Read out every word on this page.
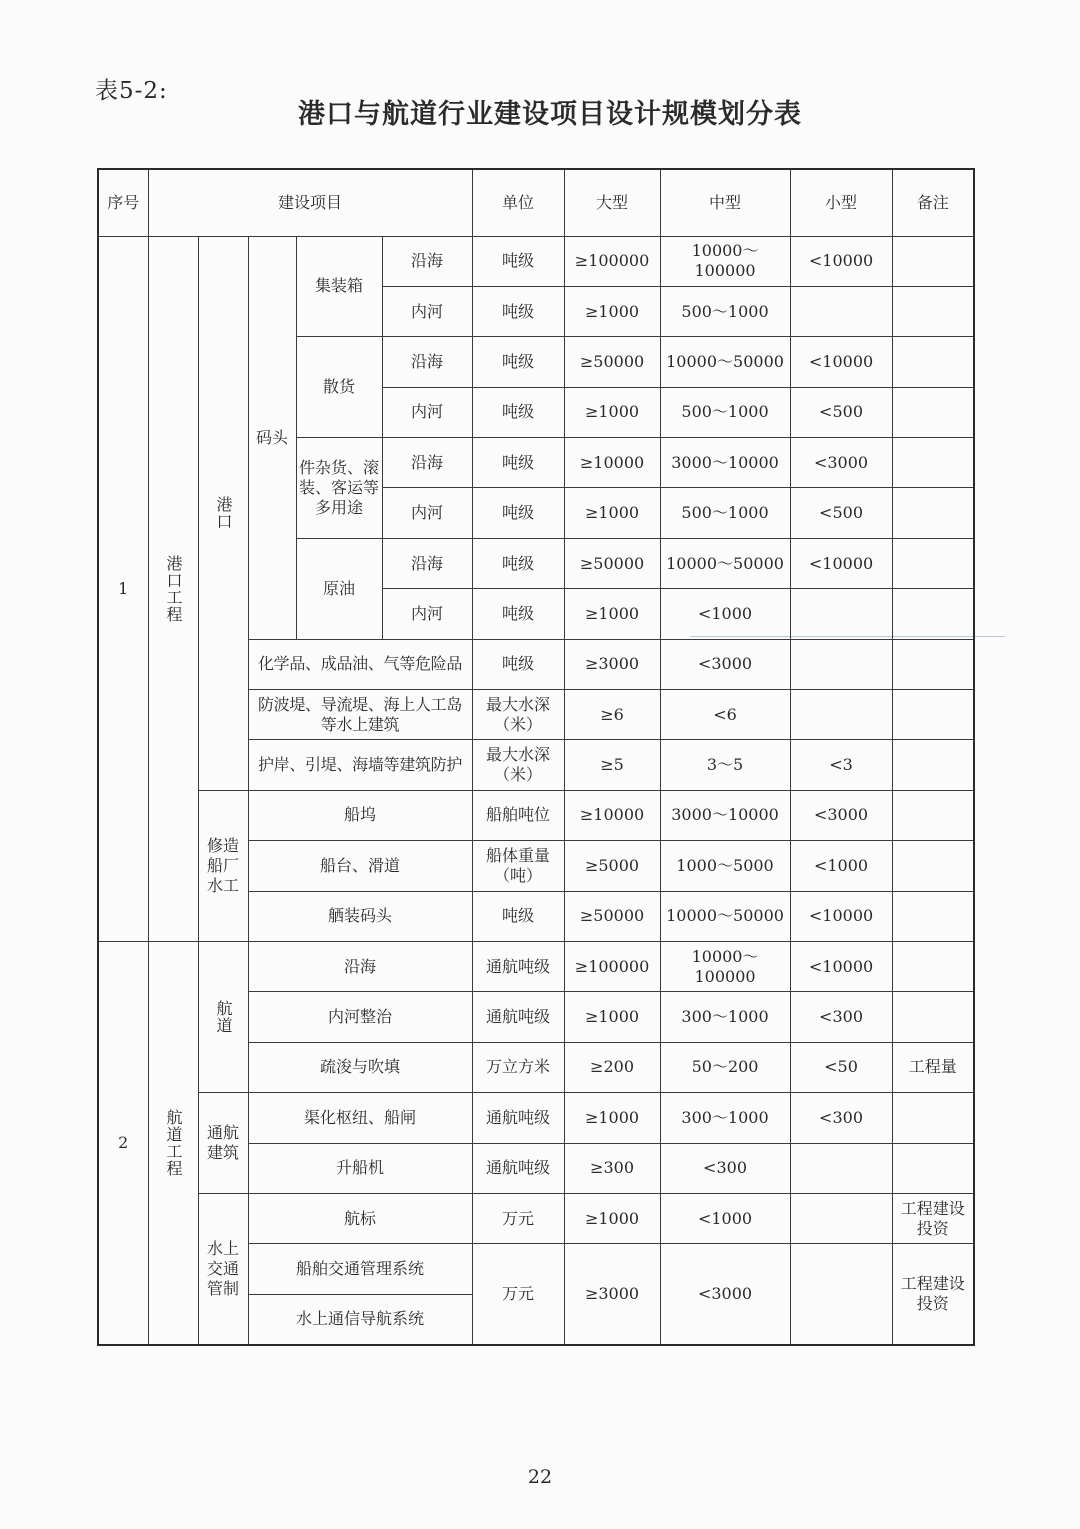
表5-2:
港口与航道行业建设项目设计规模划分表
序号	建设项目					单位	大型	中型	小型	备注
1	港口工程	港口	码头	集装箱	沿海	吨级	≥100000	10000～100000	<10000	
					内河	吨级	≥1000	500～1000		
				散货	沿海	吨级	≥50000	10000～50000	<10000	
					内河	吨级	≥1000	500～1000	<500	
				件杂货、滚装、客运等多用途	沿海	吨级	≥10000	3000～10000	<3000	
					内河	吨级	≥1000	500～1000	<500	
				原油	沿海	吨级	≥50000	10000～50000	<10000	
					内河	吨级	≥1000	<1000		
			化学品、成品油、气等危险品			吨级	≥3000	<3000		
			防波堤、导流堤、海上人工岛等水上建筑			最大水深（米）	≥6	<6		
			护岸、引堤、海墙等建筑防护			最大水深（米）	≥5	3～5	<3	
		修造船厂水工	船坞			船舶吨位	≥10000	3000～10000	<3000	
			船台、滑道			船体重量（吨）	≥5000	1000～5000	<1000	
			舾装码头			吨级	≥50000	10000～50000	<10000	
2	航道工程	航道	沿海			通航吨级	≥100000	10000～100000	<10000	
			内河整治			通航吨级	≥1000	300～1000	<300	
			疏浚与吹填			万立方米	≥200	50～200	<50	工程量
		通航建筑	渠化枢纽、船闸			通航吨级	≥1000	300～1000	<300	
			升船机			通航吨级	≥300	<300		
		水上交通管制	航标			万元	≥1000	<1000		工程建设投资
			船舶交通管理系统			万元	≥3000	<3000		工程建设投资
			水上通信导航系统							
22
